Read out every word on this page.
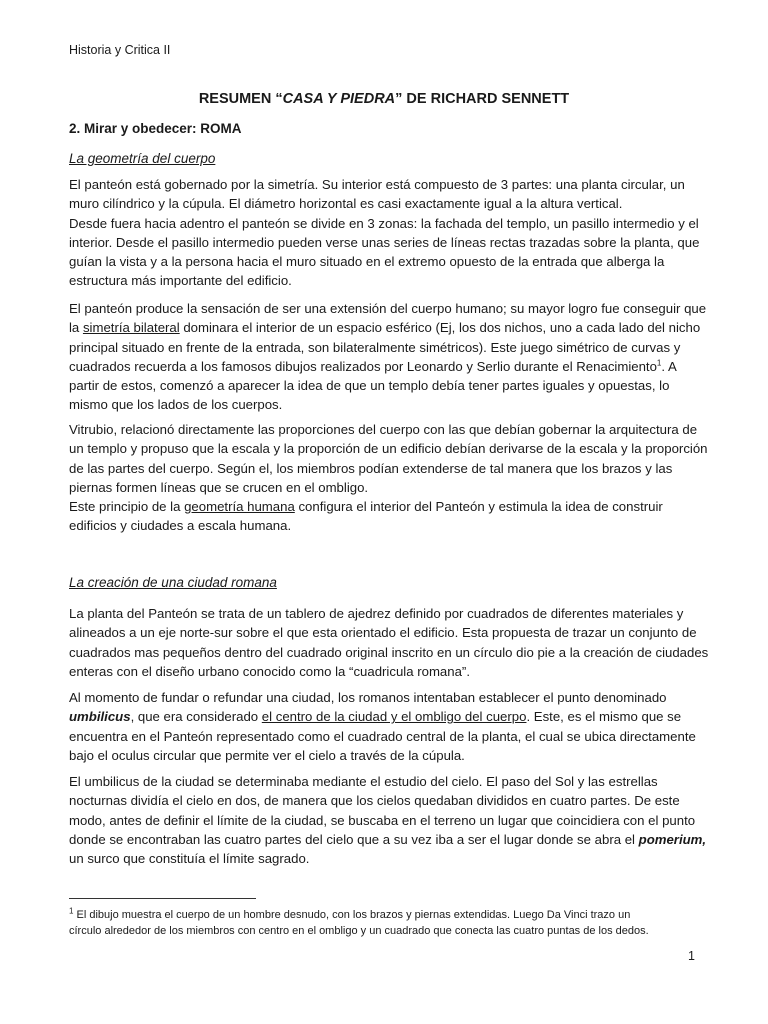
Historia y Critica II
RESUMEN “CASA Y PIEDRA” DE RICHARD SENNETT
2. Mirar y obedecer: ROMA
La geometría del cuerpo
El panteón está gobernado por la simetría. Su interior está compuesto de 3 partes: una planta circular, un
muro cilíndrico y la cúpula. El diámetro horizontal es casi exactamente igual a la altura vertical.
Desde fuera hacia adentro el panteón se divide en 3 zonas: la fachada del templo, un pasillo intermedio y el
interior. Desde el pasillo intermedio pueden verse unas series de líneas rectas trazadas sobre la planta, que
guían la vista y a la persona hacia el muro situado en el extremo opuesto de la entrada que alberga la
estructura más importante del edificio.
El panteón produce la sensación de ser una extensión del cuerpo humano; su mayor logro fue conseguir que
la simetría bilateral dominara el interior de un espacio esférico (Ej, los dos nichos, uno a cada lado del nicho
principal situado en frente de la entrada, son bilateralmente simétricos). Este juego simétrico de curvas y
cuadrados recuerda a los famosos dibujos realizados por Leonardo y Serlio durante el Renacimiento$^1$. A
partir de estos, comenzó a aparecer la idea de que un templo debía tener partes iguales y opuestas, lo
mismo que los lados de los cuerpos.
Vitrubio, relacionó directamente las proporciones del cuerpo con las que debían gobernar la arquitectura de
un templo y propuso que la escala y la proporción de un edificio debían derivarse de la escala y la proporción
de las partes del cuerpo. Según el, los miembros podían extenderse de tal manera que los brazos y las
piernas formen líneas que se crucen en el ombligo.
Este principio de la geometría humana configura el interior del Panteón y estimula la idea de construir
edificios y ciudades a escala humana.
La creación de una ciudad romana
La planta del Panteón se trata de un tablero de ajedrez definido por cuadrados de diferentes materiales y
alineados a un eje norte-sur sobre el que esta orientado el edificio. Esta propuesta de trazar un conjunto de
cuadrados mas pequeños dentro del cuadrado original inscrito en un círculo dio pie a la creación de ciudades
enteras con el diseño urbano conocido como la “cuadricula romana”.
Al momento de fundar o refundar una ciudad, los romanos intentaban establecer el punto denominado
umbilicus, que era considerado el centro de la ciudad y el ombligo del cuerpo. Este, es el mismo que se
encuentra en el Panteón representado como el cuadrado central de la planta, el cual se ubica directamente
bajo el oculus circular que permite ver el cielo a través de la cúpula.
El umbilicus de la ciudad se determinaba mediante el estudio del cielo. El paso del Sol y las estrellas
nocturnas dividía el cielo en dos, de manera que los cielos quedaban divididos en cuatro partes. De este
modo, antes de definir el límite de la ciudad, se buscaba en el terreno un lugar que coincidiera con el punto
donde se encontraban las cuatro partes del cielo que a su vez iba a ser el lugar donde se abra el pomerium,
un surco que constituía el límite sagrado.
$^1$ El dibujo muestra el cuerpo de un hombre desnudo, con los brazos y piernas extendidas. Luego Da Vinci trazo un
círculo alrededor de los miembros con centro en el ombligo y un cuadrado que conecta las cuatro puntas de los dedos.
1
